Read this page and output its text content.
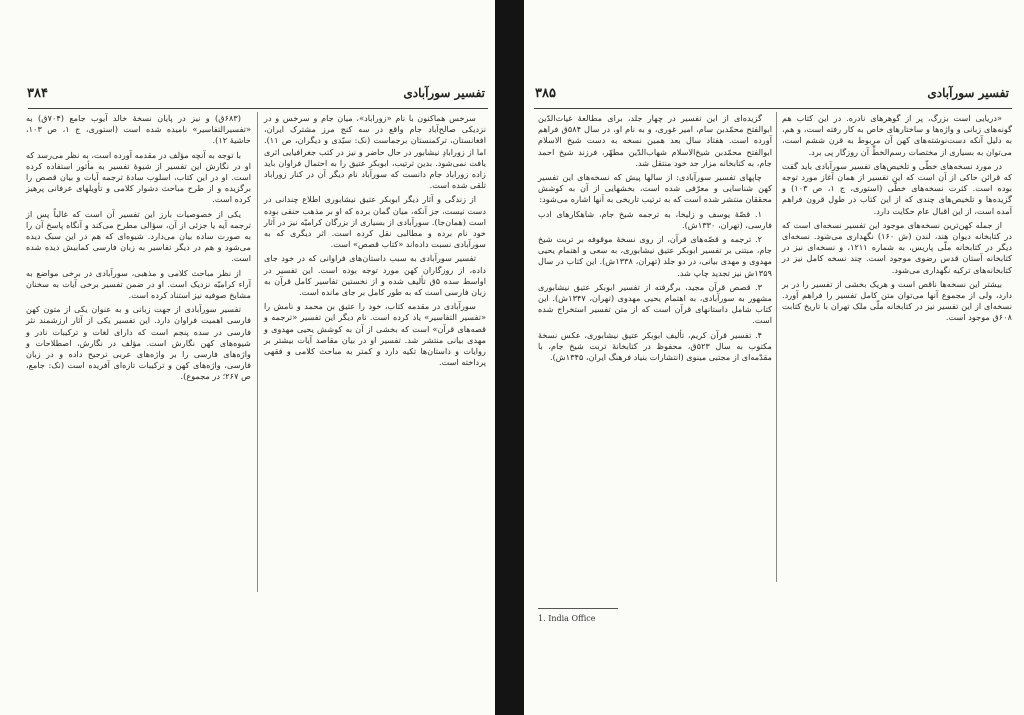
تفسیر سورآبادی
۳۸۴

سرخس هماکنون با نام «زوراباد»، میان جام و سرخس و در نزدیکی صالح‌آباد جام واقع در سه کنج مرز مشترک ایران، افغانستان، ترکمنستان برجماست (نک: سیّدی و دیگران، ص ۱۱). اما از زورابادِ نیشابور در حال حاضر و نیز در کتب جغرافیایی اثری یافت نمی‌شود. بدین ترتیب، ابوبکر عتیق را به احتمال فراوان باید زاده زوراباد جام دانست که سورآباد نام دیگر آن در کنار زوراباد تلقی شده است.

از زندگی و آثار دیگر ابوبکر عتیق نیشابوری اطلاع چندانی در دست نیست، جز آنکه، میان گمان برده که او بر مذهب حنفی بوده است (همان‌جا). سورآبادی از بسیاری از بزرگان کرامیّه نیز در آثار خود نام برده و مطالبی نقل کرده است. اثر دیگری که به سورآبادی نسبت داده‌اند «کتاب قصص» است.

تفسیر سورآبادی به سبب داستان‌های فراوانی که در خود جای داده، از روزگاران کهن مورد توجه بوده است. این تفسیر در اواسط سده ۵ق تألیف شده و از نخستین تفاسیر کامل قرآن به زبان فارسی است که به طور کامل بر جای مانده است.

سورآبادی در مقدمه کتاب، خود را عتیق بن محمد و نامش را «تفسیر التفاسیر» یاد کرده است. نام دیگر این تفسیر «ترجمه و قصه‌های قرآن» است که بخشی از آن به کوشش یحیی مهدوی و مهدی بیانی منتشر شد. تفسیر او در بیان مقاصد آیات بیشتر بر روایات و داستان‌ها تکیه دارد و کمتر به مباحث کلامی و فقهی پرداخته است.

(۶۸۳ق) و نیز در پایان نسخهٔ خالد آیوب جامع (۷۰۴ق) به «تفسیرالتفاسیر» نامیده شده است (استوری، ج ۱، ص ۱۰۳، حاشیهٔ ۱۲).

با توجه به آنچه مؤلف در مقدمه آورده است، به نظر می‌رسد که او در نگارش این تفسیر از شیوهٔ تفسیر به مأثور استفاده کرده است. او در این کتاب، اسلوب سادهٔ ترجمه آیات و بیان قصص را برگزیده و از طرح مباحث دشوار کلامی و تأویلهای عرفانی پرهیز کرده است.

یکی از خصوصیات بارز این تفسیر آن است که غالباً پس از ترجمه آیه یا جزئی از آن، سؤالی مطرح می‌کند و آنگاه پاسخ آن را به صورت ساده بیان می‌دارد. شیوه‌ای که هم در این سبک دیده می‌شود و هم در دیگر تفاسیر به زبان فارسی کمابیش دیده شده است.

از نظر مباحث کلامی و مذهبی، سورآبادی در برخی مواضع به آراء کرامیّه نزدیک است. او در ضمن تفسیر برخی آیات به سخنان مشایخ صوفیه نیز استناد کرده است.

تفسیر سورآبادی از جهت زبانی و به عنوان یکی از متون کهن فارسی اهمیت فراوان دارد. این تفسیر یکی از آثار ارزشمند نثر فارسی در سده پنجم است که دارای لغات و ترکیبات نادر و شیوه‌های کهن نگارش است. مؤلف در نگارش، اصطلاحات و واژه‌های فارسی را بر واژه‌های عربی ترجیح داده و در زبان فارسی، واژه‌های کهن و ترکیبات تازه‌ای آفریده است (نک: جامع، ص ۲۶۷؛ در مجموع).

تفسیر سورآبادی
۳۸۵

«دریایی است بزرگ، پر از گوهرهای نادره. در این کتاب هم گونه‌های زبانی و واژه‌ها و ساختارهای خاص به کار رفته است، و هم، به دلیل آنکه دست‌نوشته‌های کهن آن مربوط به قرن ششم است، می‌توان به بسیاری از مختصات رسم‌الخطِّ آن روزگار پی برد.

در مورد نسخه‌های خطّی و تلخیص‌های تفسیر سورآبادی باید گفت که قرائن حاکی از آن است که این تفسیر از همان آغاز مورد توجه بوده است. کثرت نسخه‌های خطّی (استوری، ج ۱، ص ۱۰۳) و گزیده‌ها و تلخیص‌های چندی که از این کتاب در طول قرون فراهم آمده است، از این اقبال عام حکایت دارد.

از جمله کهن‌ترین نسخه‌های موجود این تفسیر نسخه‌ای است که در کتابخانه دیوان هند، لندن (ش ۱۶۰) نگهداری می‌شود. نسخه‌ای دیگر در کتابخانه ملّی پاریس، به شماره ۱۲۱۱، و نسخه‌ای نیز در کتابخانه آستان قدس رضوی موجود است. چند نسخه کامل نیز در کتابخانه‌های ترکیه نگهداری می‌شود.

بیشتر این نسخه‌ها ناقص است و هریک بخشی از تفسیر را در بر دارد، ولی از مجموع آنها می‌توان متن کامل تفسیر را فراهم آورد. نسخه‌ای از این تفسیر نیز در کتابخانه ملّی ملک تهران با تاریخ کتابت ۶۰۸ق موجود است.

گزیده‌ای از این تفسیر در چهار جلد، برای مطالعهٔ غیاث‌الدّین ابوالفتح محمّدبن سام، امیر غوری، و به نام او، در سال ۵۸۴ق فراهم آورده است. هفتاد سال بعد همین نسخه به دست شیخ الاسلام ابوالفتح محمّدبن شیخ‌الاسلام شهاب‌الدّین مطهّر، فرزند شیخ احمد جام، به کتابخانه مزار جد خود منتقل شد.

چاپهای تفسیر سورآبادی: از سالها پیش که نسخه‌های این تفسیر کهن شناسایی و معرّفی شده است، بخشهایی از آن به کوشش محققان منتشر شده است که به ترتیب تاریخی به آنها اشاره می‌شود:

۱. قصّهٔ یوسف و زلیخا، به ترجمه شیخ جام، شاهکارهای ادب فارسی، (تهران، ۱۳۳۰ش).

۲. ترجمه و قصّه‌های قرآن، از روی نسخهٔ موقوفه بر تربت شیخ جام، مبتنی بر تفسیر ابوبکر عتیق نیشابوری، به سعی و اهتمام یحیی مهدوی و مهدی بیانی، در دو جلد (تهران، ۱۳۳۸ش). این کتاب در سال ۱۳۵۹ش نیز تجدید چاپ شد.

۳. قصص قرآن مجید، برگرفته از تفسیر ابوبکر عتیق نیشابوری مشهور به سورآبادی، به اهتمام یحیی مهدوی (تهران، ۱۳۴۷ش). این کتاب شامل داستانهای قرآن است که از متن تفسیر استخراج شده است.

۴. تفسیر قرآن کریم، تألیف ابوبکر عتیق نیشابوری، عکس نسخهٔ مکتوب به سال ۵۲۳ق، محفوظ در کتابخانهٔ تربت شیخ جام، با مقدّمه‌ای از مجتبی مینوی (انتشارات بنیاد فرهنگ ایران، ۱۳۴۵ش).

1. India Office
